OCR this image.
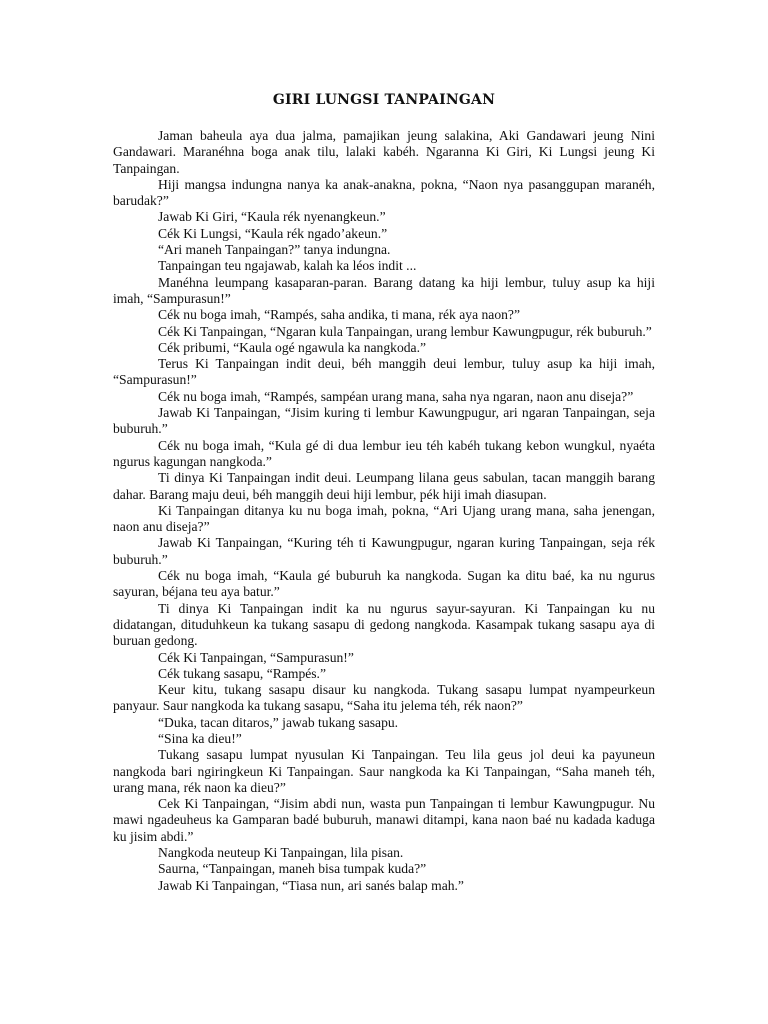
GIRI LUNGSI TANPAINGAN

Jaman baheula aya dua jalma, pamajikan jeung salakina, Aki Gandawari jeung Nini Gandawari. Maranéhna boga anak tilu, lalaki kabéh. Ngaranna Ki Giri, Ki Lungsi jeung Ki Tanpaingan.

Hiji mangsa indungna nanya ka anak-anakna, pokna, “Naon nya pasanggupan maranéh, barudak?”

Jawab Ki Giri, “Kaula rék nyenangkeun.”

Cék Ki Lungsi, “Kaula rék ngado’akeun.”

“Ari maneh Tanpaingan?” tanya indungna.

Tanpaingan teu ngajawab, kalah ka léos indit ...

Manéhna leumpang kasaparan-paran. Barang datang ka hiji lembur, tuluy asup ka hiji imah, “Sampurasun!”

Cék nu boga imah, “Rampés, saha andika, ti mana, rék aya naon?”

Cék Ki Tanpaingan, “Ngaran kula Tanpaingan, urang lembur Kawungpugur, rék buburuh.”

Cék pribumi, “Kaula ogé ngawula ka nangkoda.”

Terus Ki Tanpaingan indit deui, béh manggih deui lembur, tuluy asup ka hiji imah, “Sampurasun!”

Cék nu boga imah, “Rampés, sampéan urang mana, saha nya ngaran, naon anu diseja?”

Jawab Ki Tanpaingan, “Jisim kuring ti lembur Kawungpugur, ari ngaran Tanpaingan, seja buburuh.”

Cék nu boga imah, “Kula gé di dua lembur ieu téh kabéh tukang kebon wungkul, nyaéta ngurus kagungan nangkoda.”

Ti dinya Ki Tanpaingan indit deui. Leumpang lilana geus sabulan, tacan manggih barang dahar. Barang maju deui, béh manggih deui hiji lembur, pék hiji imah diasupan.

Ki Tanpaingan ditanya ku nu boga imah, pokna, “Ari Ujang urang mana, saha jenengan, naon anu diseja?”

Jawab Ki Tanpaingan, “Kuring téh ti Kawungpugur, ngaran kuring Tanpaingan, seja rék buburuh.”

Cék nu boga imah, “Kaula gé buburuh ka nangkoda. Sugan ka ditu baé, ka nu ngurus sayuran, béjana teu aya batur.”

Ti dinya Ki Tanpaingan indit ka nu ngurus sayur-sayuran. Ki Tanpaingan ku nu didatangan, dituduhkeun ka tukang sasapu di gedong nangkoda. Kasampak tukang sasapu aya di buruan gedong.

Cék Ki Tanpaingan, “Sampurasun!”

Cék tukang sasapu, “Rampés.”

Keur kitu, tukang sasapu disaur ku nangkoda. Tukang sasapu lumpat nyampeurkeun panyaur. Saur nangkoda ka tukang sasapu, “Saha itu jelema téh, rék naon?”

“Duka, tacan ditaros,” jawab tukang sasapu.

“Sina ka dieu!”

Tukang sasapu lumpat nyusulan Ki Tanpaingan. Teu lila geus jol deui ka payuneun nangkoda bari ngiringkeun Ki Tanpaingan. Saur nangkoda ka Ki Tanpaingan, “Saha maneh téh, urang mana, rék naon ka dieu?”

Cek Ki Tanpaingan, “Jisim abdi nun, wasta pun Tanpaingan ti lembur Kawungpugur. Nu mawi ngadeuheus ka Gamparan badé buburuh, manawi ditampi, kana naon baé nu kadada kaduga ku jisim abdi.”

Nangkoda neuteup Ki Tanpaingan, lila pisan.

Saurna, “Tanpaingan, maneh bisa tumpak kuda?”

Jawab Ki Tanpaingan, “Tiasa nun, ari sanés balap mah.”
